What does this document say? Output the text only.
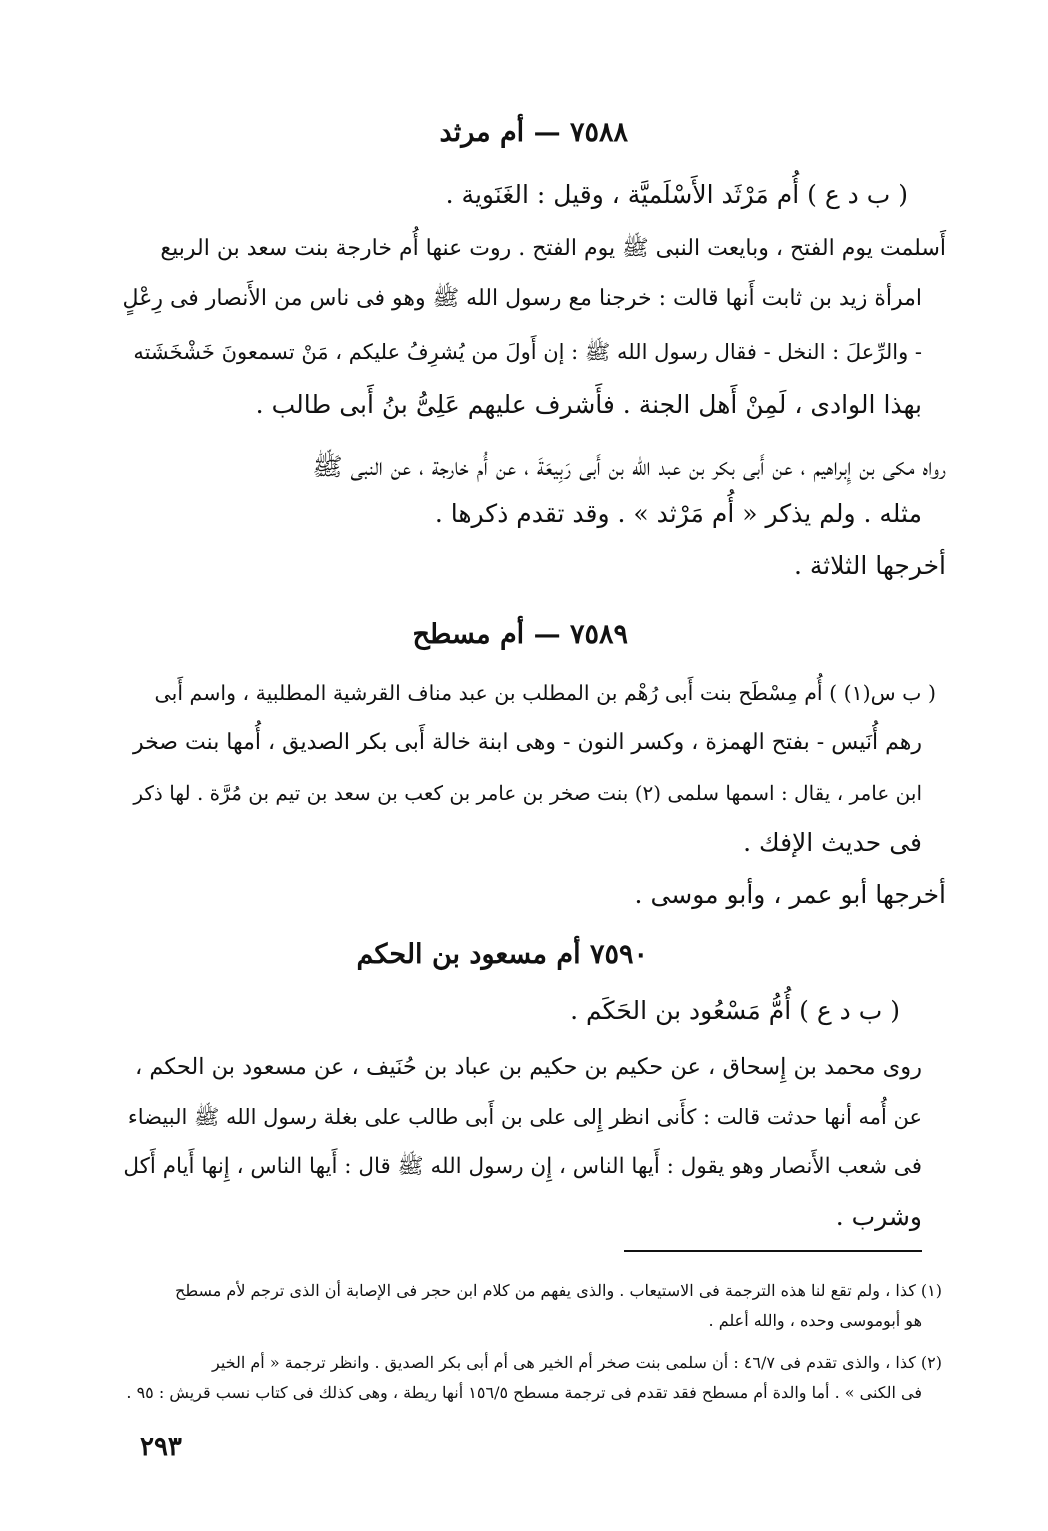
٧٥٨٨ — أم مرثد
( ب د ع ) أُم مَرْثَد الأَسْلَميَّة ، وقيل : الغَنَوية .
أَسلمت يوم الفتح ، وبايعت النبى ﷺ يوم الفتح . روت عنها أُم خارجة بنت سعد بن الربيع
امرأة زيد بن ثابت أَنها قالت : خرجنا مع رسول الله ﷺ وهو فى ناس من الأَنصار فى رِعْلٍ
- والرِّعلَ : النخل - فقال رسول الله ﷺ : إن أَولَ من يُشرِفُ عليكم ، مَنْ تسمعونَ خَشْخَشَته
بهذا الوادى ، لَمِنْ أَهل الجنة . فأَشرف عليهم عَلِىُّ بنُ أَبى طالب .
رواه مكى بن إِبراهيم ، عن أَبى بكر بن عبد الله بن أَبى رَبِيعَةَ ، عن أُم خارجة ، عن النبى ﷺ
مثله . ولم يذكر « أُم مَرْثد » . وقد تقدم ذكرها .
أخرجها الثلاثة .
٧٥٨٩ — أم مسطح
( ب س(١) ) أُم مِسْطَح بنت أَبى رُهْم بن المطلب بن عبد مناف القرشية المطلبية ، واسم أَبى
رهم أُنَيس - بفتح الهمزة ، وكسر النون - وهى ابنة خالة أَبى بكر الصديق ، أُمها بنت صخر
ابن عامر ، يقال : اسمها سلمى (٢) بنت صخر بن عامر بن كعب بن سعد بن تيم بن مُرَّة . لها ذكر
فى حديث الإفك .
أخرجها أبو عمر ، وأبو موسى .
٧٥٩٠ أم مسعود بن الحكم
( ب د ع ) أُمُّ مَسْعُود بن الحَكَم .
روى محمد بن إِسحاق ، عن حكيم بن حكيم بن عباد بن حُنَيف ، عن مسعود بن الحكم ،
عن أُمه أنها حدثت قالت : كأَنى انظر إِلى على بن أَبى طالب على بغلة رسول الله ﷺ البيضاء
فى شعب الأَنصار وهو يقول : أَيها الناس ، إِن رسول الله ﷺ قال : أَيها الناس ، إِنها أَيام أَكل
وشرب .
(١) كذا ، ولم تقع لنا هذه الترجمة فى الاستيعاب . والذى يفهم من كلام ابن حجر فى الإصابة أن الذى ترجم لأم مسطح
هو أبوموسى وحده ، والله أعلم .
(٢) كذا ، والذى تقدم فى ٤٦/٧ : أن سلمى بنت صخر أم الخير هى أم أبى بكر الصديق . وانظر ترجمة « أم الخير
فى الكنى » . أما والدة أم مسطح فقد تقدم فى ترجمة مسطح ١٥٦/٥ أنها ريطة ، وهى كذلك فى كتاب نسب قريش : ٩٥ .
٢٩٣
